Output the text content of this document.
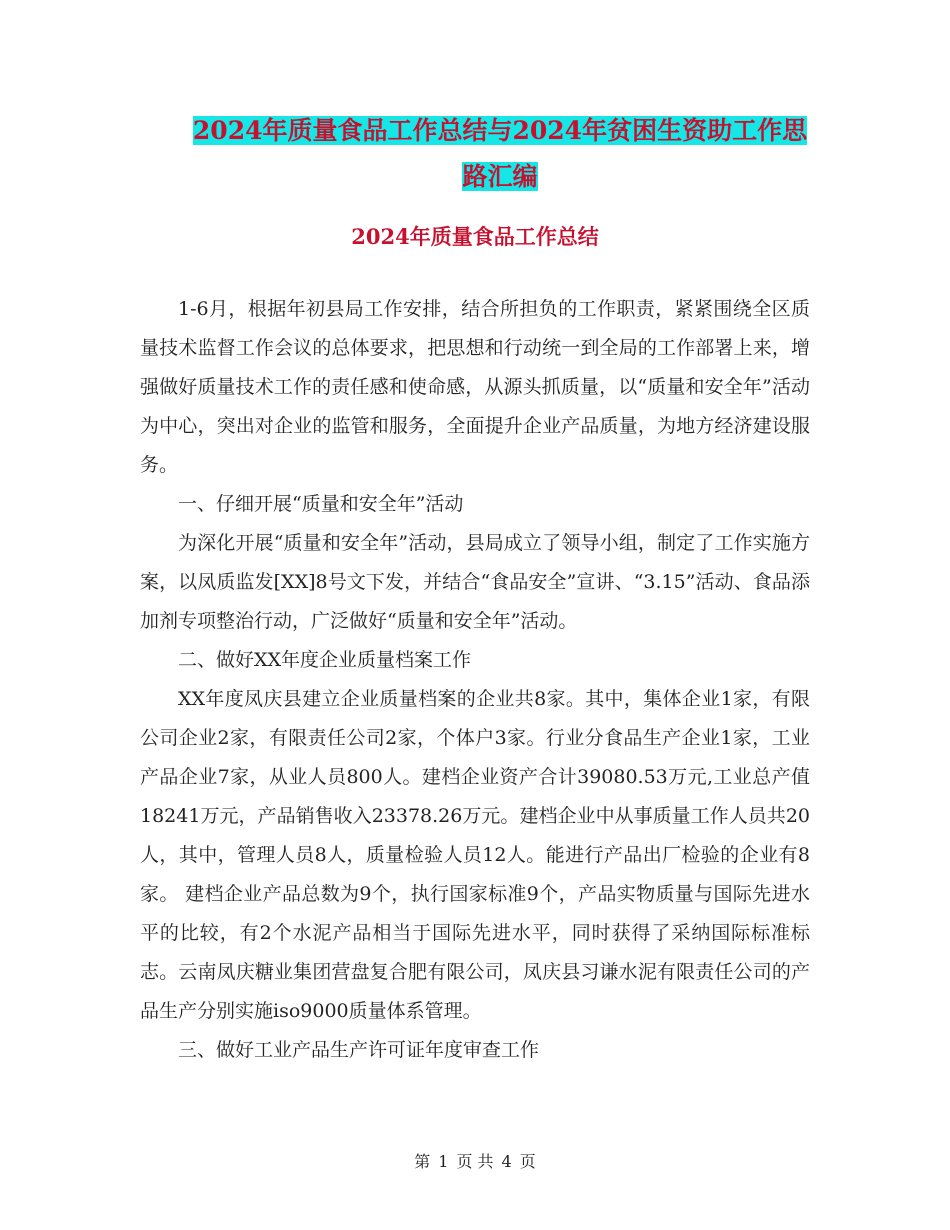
2024年质量食品工作总结与2024年贫困生资助工作思
路汇编
2024年质量食品工作总结

1-6月，根据年初县局工作安排，结合所担负的工作职责，紧紧围绕全区质量技术监督工作会议的总体要求，把思想和行动统一到全局的工作部署上来，增强做好质量技术工作的责任感和使命感，从源头抓质量，以“质量和安全年”活动为中心，突出对企业的监管和服务，全面提升企业产品质量，为地方经济建设服务。

一、仔细开展“质量和安全年”活动

为深化开展“质量和安全年”活动，县局成立了领导小组，制定了工作实施方案，以凤质监发[XX]8号文下发，并结合“食品安全”宣讲、“3.15”活动、食品添加剂专项整治行动，广泛做好“质量和安全年”活动。

二、做好XX年度企业质量档案工作

XX年度凤庆县建立企业质量档案的企业共8家。其中，集体企业1家，有限公司企业2家，有限责任公司2家，个体户3家。行业分食品生产企业1家，工业产品企业7家，从业人员800人。建档企业资产合计39080.53万元,工业总产值18241万元，产品销售收入23378.26万元。建档企业中从事质量工作人员共20人，其中，管理人员8人，质量检验人员12人。能进行产品出厂检验的企业有8家。 建档企业产品总数为9个，执行国家标准9个，产品实物质量与国际先进水平的比较，有2个水泥产品相当于国际先进水平，同时获得了采纳国际标准标志。云南凤庆糖业集团营盘复合肥有限公司，凤庆县习谦水泥有限责任公司的产品生产分别实施iso9000质量体系管理。

三、做好工业产品生产许可证年度审查工作

第 1 页 共 4 页
